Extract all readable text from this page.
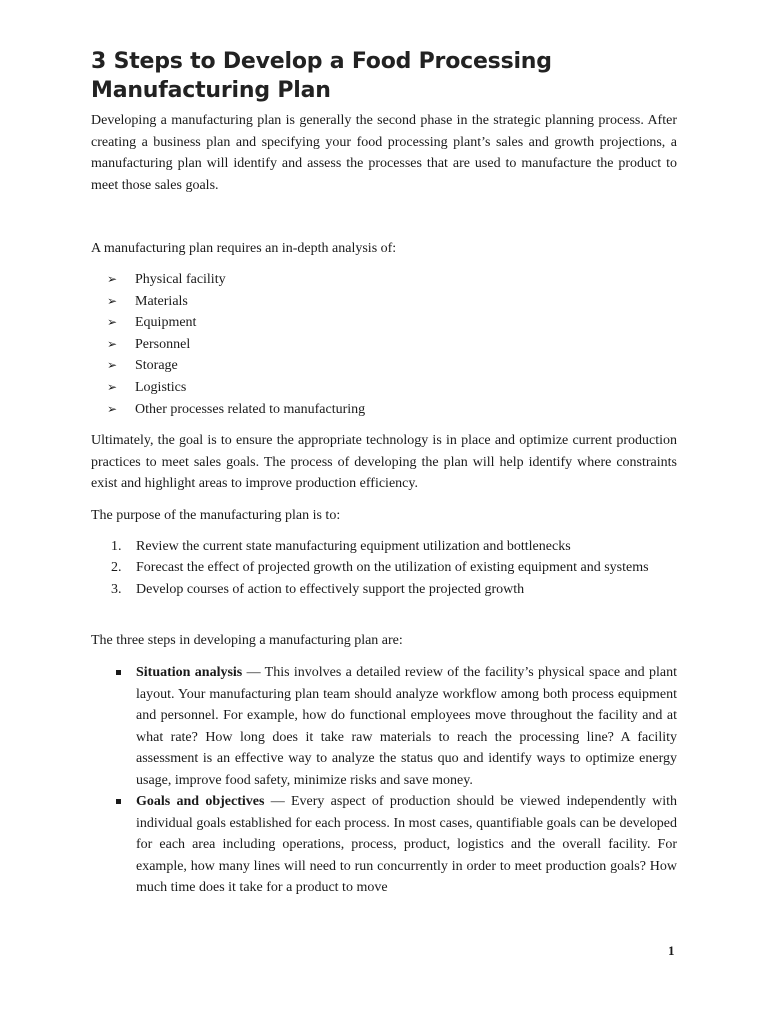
3 Steps to Develop a Food Processing Manufacturing Plan

Developing a manufacturing plan is generally the second phase in the strategic planning process. After creating a business plan and specifying your food processing plant’s sales and growth projections, a manufacturing plan will identify and assess the processes that are used to manufacture the product to meet those sales goals.

A manufacturing plan requires an in-depth analysis of:

➢ Physical facility
➢ Materials
➢ Equipment
➢ Personnel
➢ Storage
➢ Logistics
➢ Other processes related to manufacturing

Ultimately, the goal is to ensure the appropriate technology is in place and optimize current production practices to meet sales goals. The process of developing the plan will help identify where constraints exist and highlight areas to improve production efficiency.

The purpose of the manufacturing plan is to:

1. Review the current state manufacturing equipment utilization and bottlenecks
2. Forecast the effect of projected growth on the utilization of existing equipment and systems
3. Develop courses of action to effectively support the projected growth

The three steps in developing a manufacturing plan are:

Situation analysis — This involves a detailed review of the facility’s physical space and plant layout. Your manufacturing plan team should analyze workflow among both process equipment and personnel. For example, how do functional employees move throughout the facility and at what rate? How long does it take raw materials to reach the processing line? A facility assessment is an effective way to analyze the status quo and identify ways to optimize energy usage, improve food safety, minimize risks and save money.
Goals and objectives — Every aspect of production should be viewed independently with individual goals established for each process. In most cases, quantifiable goals can be developed for each area including operations, process, product, logistics and the overall facility. For example, how many lines will need to run concurrently in order to meet production goals? How much time does it take for a product to move
1
